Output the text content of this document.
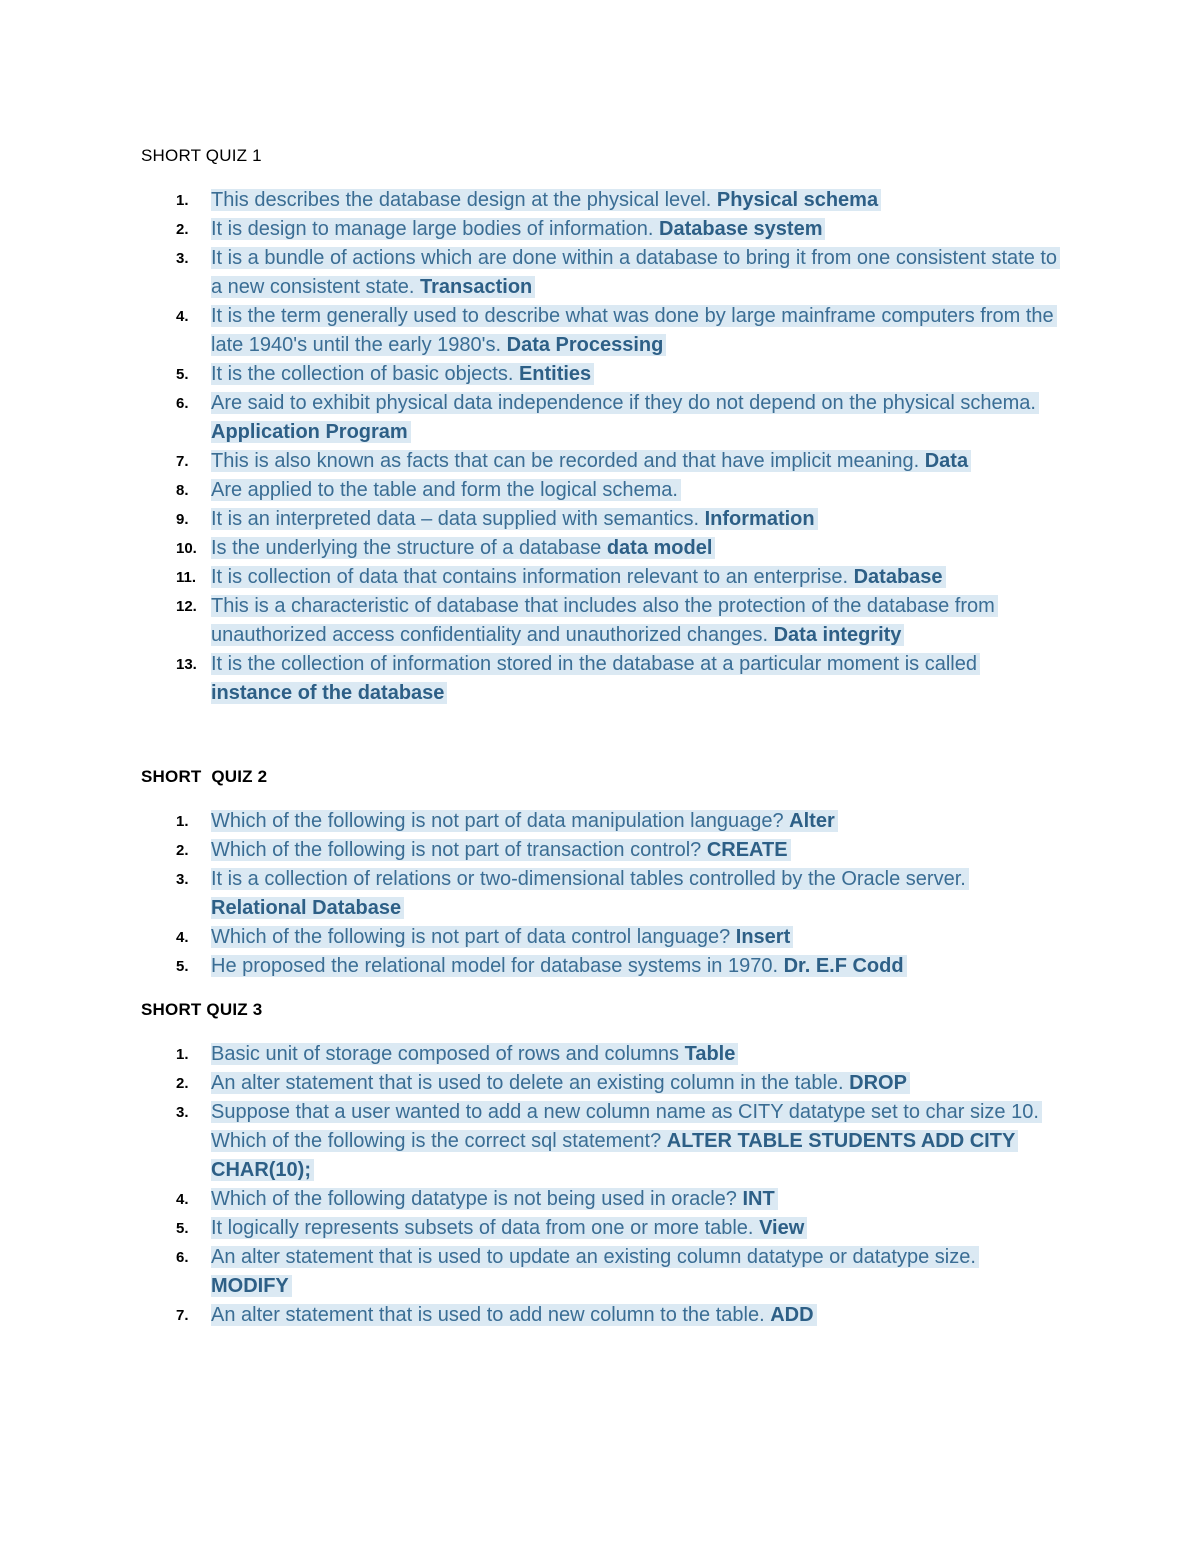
SHORT QUIZ 1
1.	This describes the database design at the physical level. Physical schema
2.	It is design to manage large bodies of information. Database system
3.	It is a bundle of actions which are done within a database to bring it from one consistent state to a new consistent state. Transaction
4.	It is the term generally used to describe what was done by large mainframe computers from the late 1940's until the early 1980's. Data Processing
5.	It is the collection of basic objects. Entities
6.	Are said to exhibit physical data independence if they do not depend on the physical schema. Application Program
7.	This is also known as facts that can be recorded and that have implicit meaning. Data
8.	Are applied to the table and form the logical schema.
9.	It is an interpreted data – data supplied with semantics. Information
10. Is the underlying the structure of a database data model
11. It is collection of data that contains information relevant to an enterprise. Database
12. This is a characteristic of database that includes also the protection of the database from unauthorized access confidentiality and unauthorized changes. Data integrity
13. It is the collection of information stored in the database at a particular moment is called instance of the database
SHORT  QUIZ 2
1.	Which of the following is not part of data manipulation language? Alter
2.	Which of the following is not part of transaction control? CREATE
3.	It is a collection of relations or two-dimensional tables controlled by the Oracle server. Relational Database
4.	Which of the following is not part of data control language? Insert
5.	He proposed the relational model for database systems in 1970. Dr. E.F Codd
SHORT QUIZ 3
1.	Basic unit of storage composed of rows and columns Table
2.	An alter statement that is used to delete an existing column in the table. DROP
3.	Suppose that a user wanted to add a new column name as CITY datatype set to char size 10. Which of the following is the correct sql statement? ALTER TABLE STUDENTS ADD CITY CHAR(10);
4.	Which of the following datatype is not being used in oracle? INT
5.	It logically represents subsets of data from one or more table. View
6.	An alter statement that is used to update an existing column datatype or datatype size. MODIFY
7.	An alter statement that is used to add new column to the table. ADD
